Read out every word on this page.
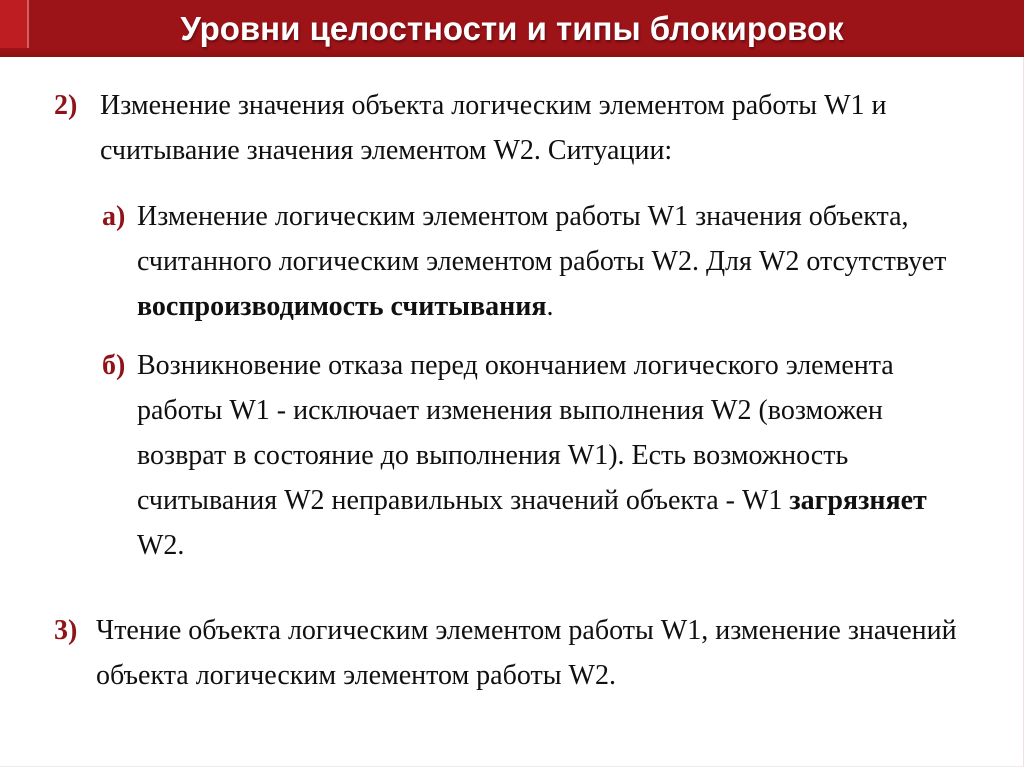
Уровни целостности и типы блокировок
2) Изменение значения объекта логическим элементом работы W1 и считывание значения элементом W2. Ситуации:
а) Изменение логическим элементом работы W1 значения объекта, считанного логическим элементом работы W2. Для W2 отсутствует воспроизводимость считывания.
б) Возникновение отказа перед окончанием логического элемента работы W1 - исключает изменения выполнения W2 (возможен возврат в состояние до выполнения W1). Есть возможность считывания W2 неправильных значений объекта - W1 загрязняет W2.
3) Чтение объекта логическим элементом работы W1, изменение значений объекта логическим элементом работы W2.
